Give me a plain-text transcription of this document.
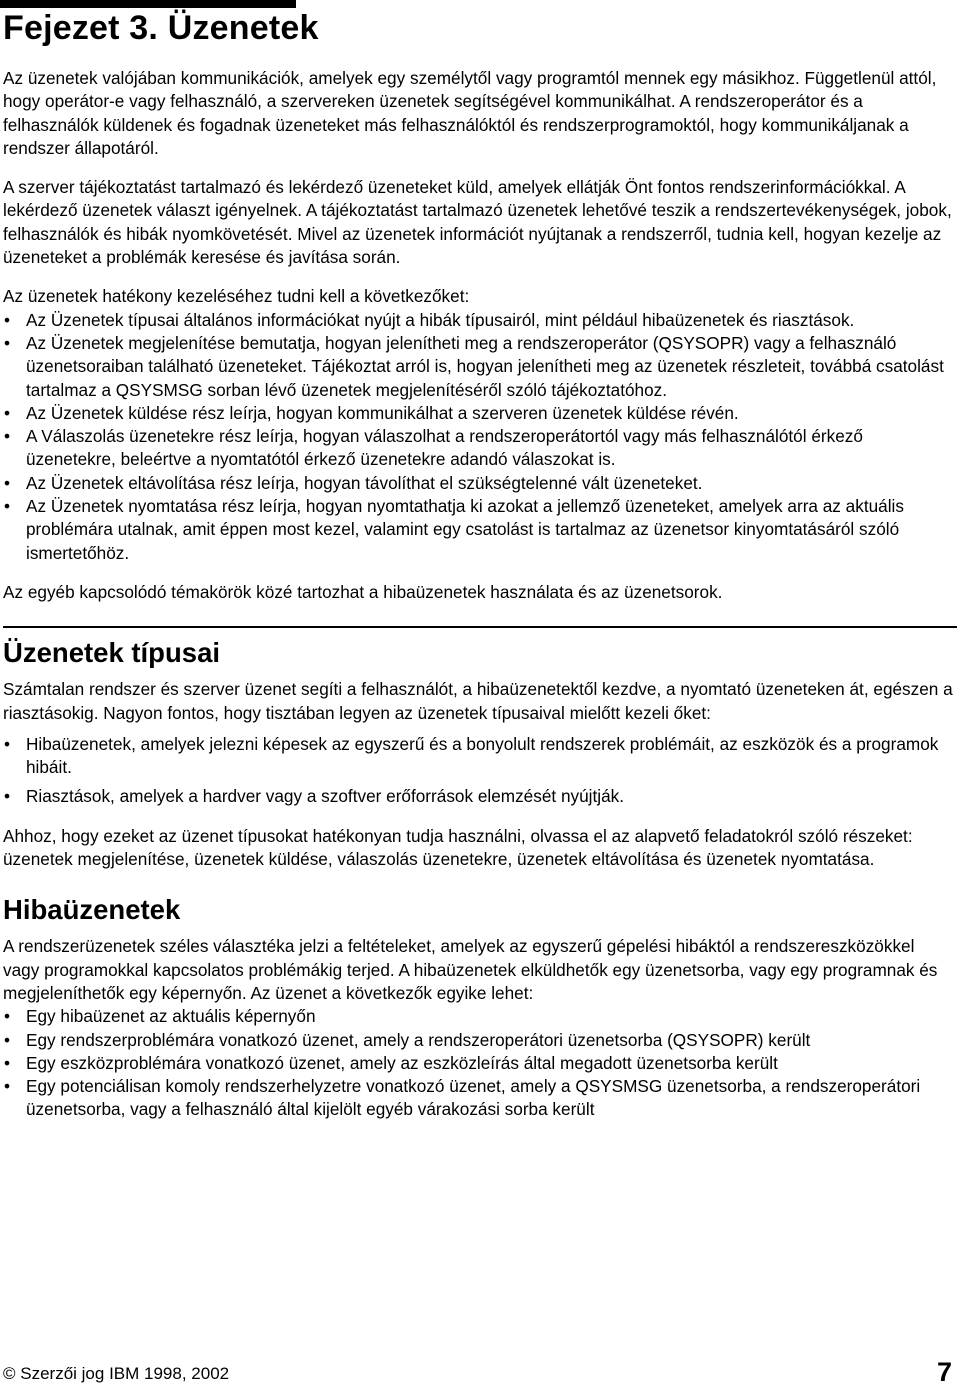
Fejezet 3. Üzenetek

Az üzenetek valójában kommunikációk, amelyek egy személytől vagy programtól mennek egy másikhoz. Függetlenül attól, hogy operátor-e vagy felhasználó, a szervereken üzenetek segítségével kommunikálhat. A rendszeroperátor és a felhasználók küldenek és fogadnak üzeneteket más felhasználóktól és rendszerprogramoktól, hogy kommunikáljanak a rendszer állapotáról.

A szerver tájékoztatást tartalmazó és lekérdező üzeneteket küld, amelyek ellátják Önt fontos rendszerinformációkkal. A lekérdező üzenetek választ igényelnek. A tájékoztatást tartalmazó üzenetek lehetővé teszik a rendszertevékenységek, jobok, felhasználók és hibák nyomkövetését. Mivel az üzenetek információt nyújtanak a rendszerről, tudnia kell, hogyan kezelje az üzeneteket a problémák keresése és javítása során.

Az üzenetek hatékony kezeléséhez tudni kell a következőket:

• Az Üzenetek típusai általános információkat nyújt a hibák típusairól, mint például hibaüzenetek és riasztások.
• Az Üzenetek megjelenítése bemutatja, hogyan jelenítheti meg a rendszeroperátor (QSYSOPR) vagy a felhasználó üzenetsoraiban található üzeneteket. Tájékoztat arról is, hogyan jelenítheti meg az üzenetek részleteit, továbbá csatolást tartalmaz a QSYSMSG sorban lévő üzenetek megjelenítéséről szóló tájékoztatóhoz.
• Az Üzenetek küldése rész leírja, hogyan kommunikálhat a szerveren üzenetek küldése révén.
• A Válaszolás üzenetekre rész leírja, hogyan válaszolhat a rendszeroperátortól vagy más felhasználótól érkező üzenetekre, beleértve a nyomtatótól érkező üzenetekre adandó válaszokat is.
• Az Üzenetek eltávolítása rész leírja, hogyan távolíthat el szükségtelenné vált üzeneteket.
• Az Üzenetek nyomtatása rész leírja, hogyan nyomtathatja ki azokat a jellemző üzeneteket, amelyek arra az aktuális problémára utalnak, amit éppen most kezel, valamint egy csatolást is tartalmaz az üzenetsor kinyomtatásáról szóló ismertetőhöz.

Az egyéb kapcsolódó témakörök közé tartozhat a hibaüzenetek használata és az üzenetsorok.

Üzenetek típusai

Számtalan rendszer és szerver üzenet segíti a felhasználót, a hibaüzenetektől kezdve, a nyomtató üzeneteken át, egészen a riasztásokig. Nagyon fontos, hogy tisztában legyen az üzenetek típusaival mielőtt kezeli őket:

• Hibaüzenetek, amelyek jelezni képesek az egyszerű és a bonyolult rendszerek problémáit, az eszközök és a programok hibáit.
• Riasztások, amelyek a hardver vagy a szoftver erőforrások elemzését nyújtják.

Ahhoz, hogy ezeket az üzenet típusokat hatékonyan tudja használni, olvassa el az alapvető feladatokról szóló részeket: üzenetek megjelenítése, üzenetek küldése, válaszolás üzenetekre, üzenetek eltávolítása és üzenetek nyomtatása.

Hibaüzenetek

A rendszerüzenetek széles választéka jelzi a feltételeket, amelyek az egyszerű gépelési hibáktól a rendszereszközökkel vagy programokkal kapcsolatos problémákig terjed. A hibaüzenetek elküldhetők egy üzenetsorba, vagy egy programnak és megjeleníthetők egy képernyőn. Az üzenet a következők egyike lehet:

• Egy hibaüzenet az aktuális képernyőn
• Egy rendszerproblémára vonatkozó üzenet, amely a rendszeroperátori üzenetsorba (QSYSOPR) került
• Egy eszközproblémára vonatkozó üzenet, amely az eszközleírás által megadott üzenetsorba került
• Egy potenciálisan komoly rendszerhelyzetre vonatkozó üzenet, amely a QSYSMSG üzenetsorba, a rendszeroperátori üzenetsorba, vagy a felhasználó által kijelölt egyéb várakozási sorba került
© Szerzői jog IBM 1998, 2002	7
